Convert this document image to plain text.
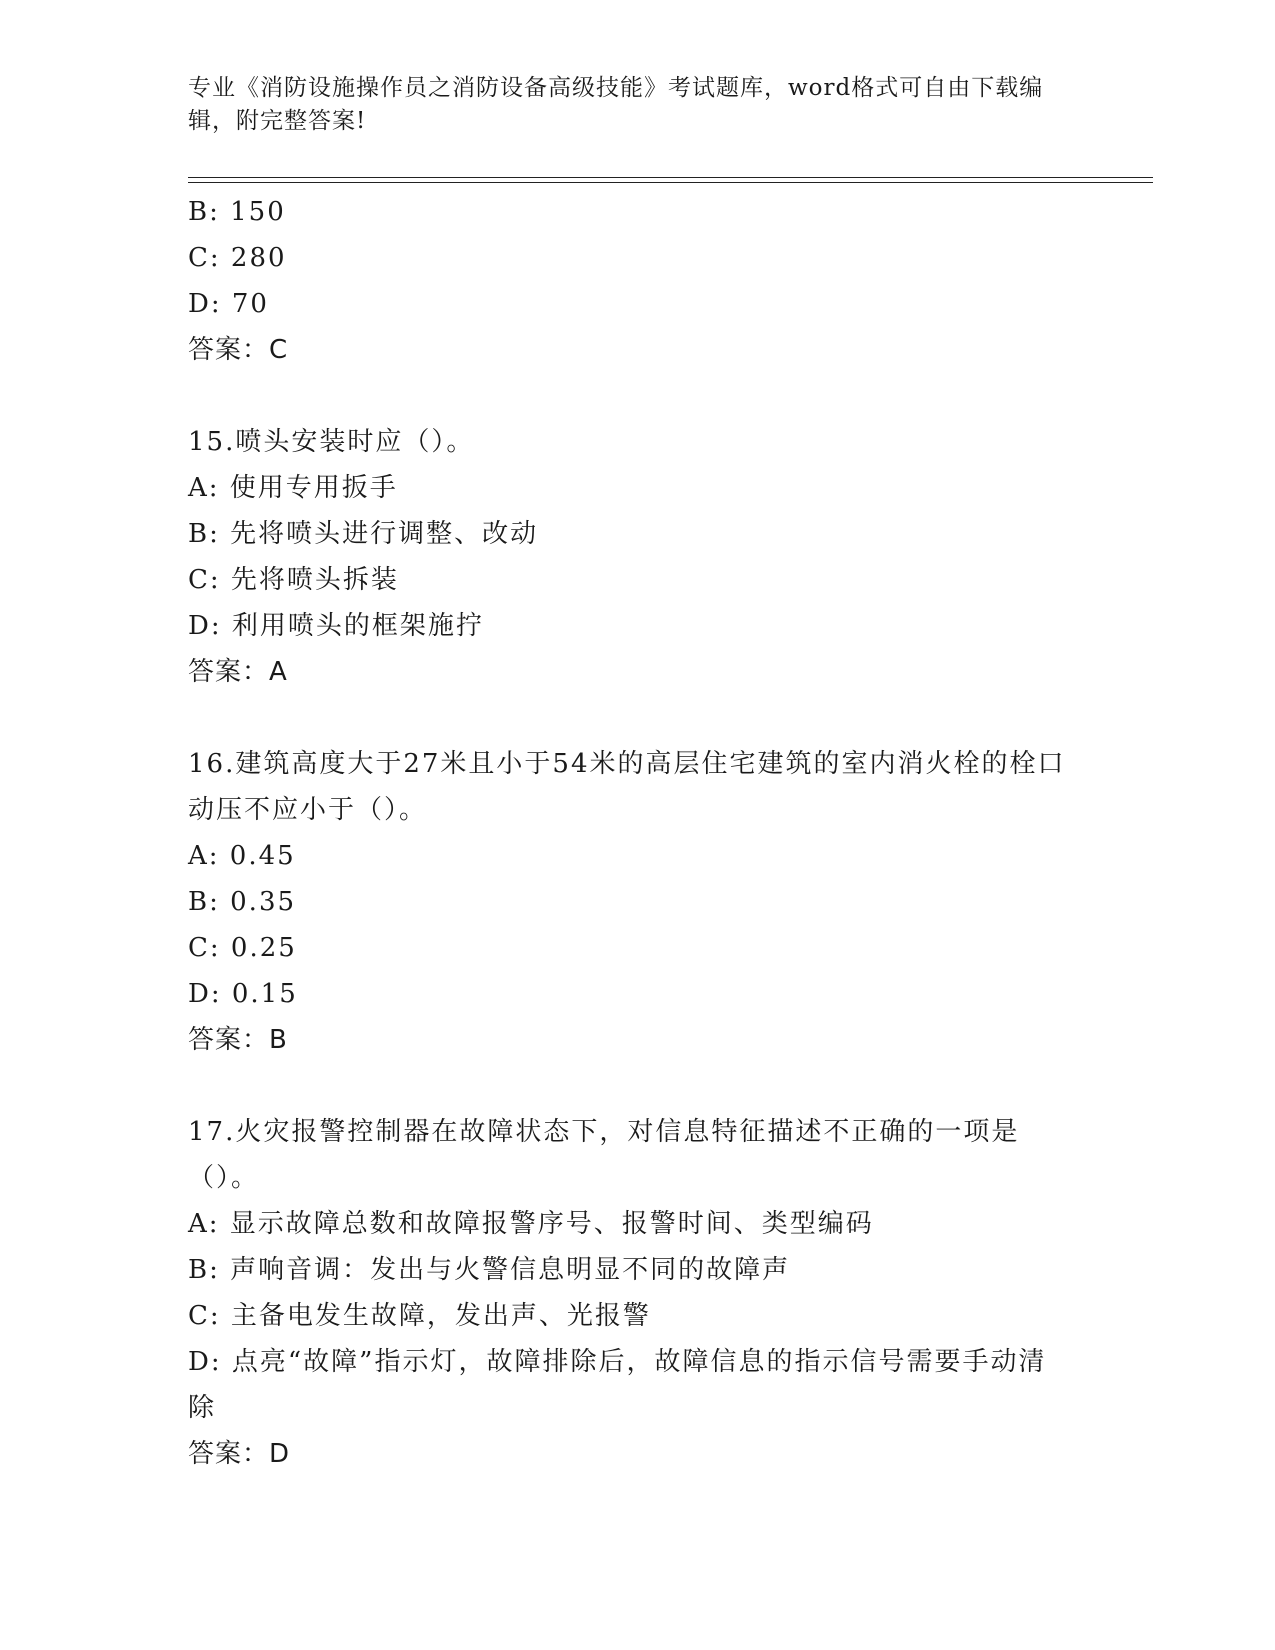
专业《消防设施操作员之消防设备高级技能》考试题库，word格式可自由下载编辑，附完整答案!
B: 150
C: 280
D: 70
答案：C
15.喷头安装时应（）。
A: 使用专用扳手
B: 先将喷头进行调整、改动
C: 先将喷头拆装
D: 利用喷头的框架施拧
答案：A
16.建筑高度大于27米且小于54米的高层住宅建筑的室内消火栓的栓口动压不应小于（）。
A: 0.45
B: 0.35
C: 0.25
D: 0.15
答案：B
17.火灾报警控制器在故障状态下，对信息特征描述不正确的一项是（）。
A: 显示故障总数和故障报警序号、报警时间、类型编码
B: 声响音调：发出与火警信息明显不同的故障声
C: 主备电发生故障，发出声、光报警
D: 点亮“故障”指示灯，故障排除后，故障信息的指示信号需要手动清除
答案：D
